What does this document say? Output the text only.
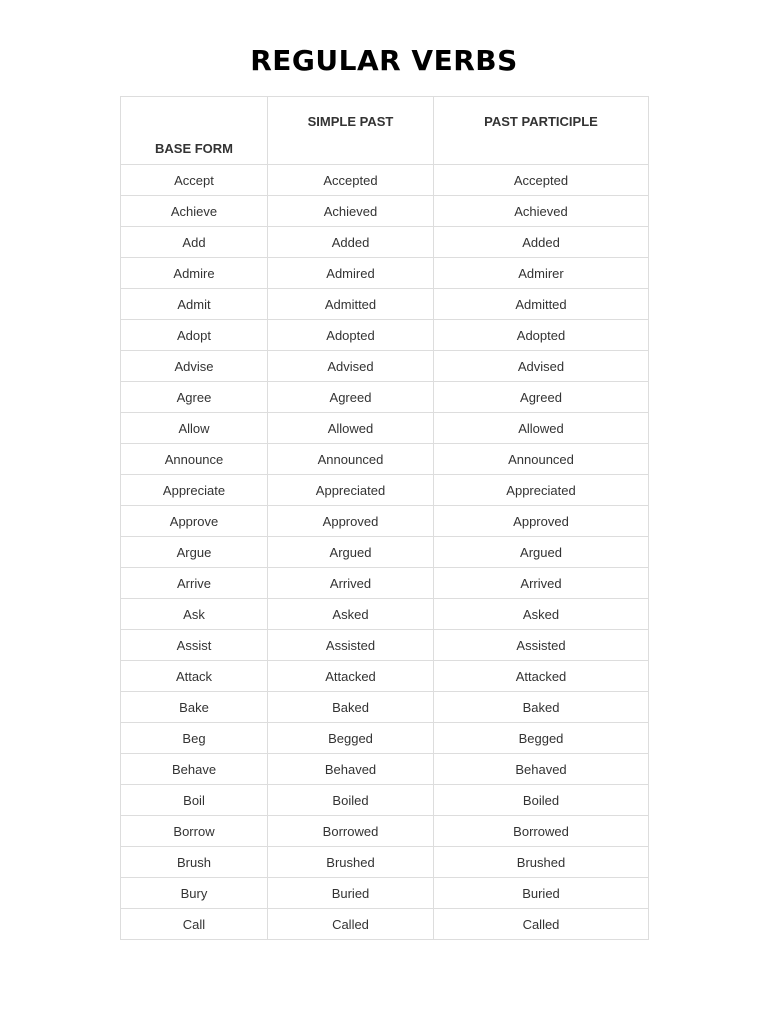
REGULAR VERBS
BASE FORM	SIMPLE PAST	PAST PARTICIPLE
Accept	Accepted	Accepted
Achieve	Achieved	Achieved
Add	Added	Added
Admire	Admired	Admirer
Admit	Admitted	Admitted
Adopt	Adopted	Adopted
Advise	Advised	Advised
Agree	Agreed	Agreed
Allow	Allowed	Allowed
Announce	Announced	Announced
Appreciate	Appreciated	Appreciated
Approve	Approved	Approved
Argue	Argued	Argued
Arrive	Arrived	Arrived
Ask	Asked	Asked
Assist	Assisted	Assisted
Attack	Attacked	Attacked
Bake	Baked	Baked
Beg	Begged	Begged
Behave	Behaved	Behaved
Boil	Boiled	Boiled
Borrow	Borrowed	Borrowed
Brush	Brushed	Brushed
Bury	Buried	Buried
Call	Called	Called
